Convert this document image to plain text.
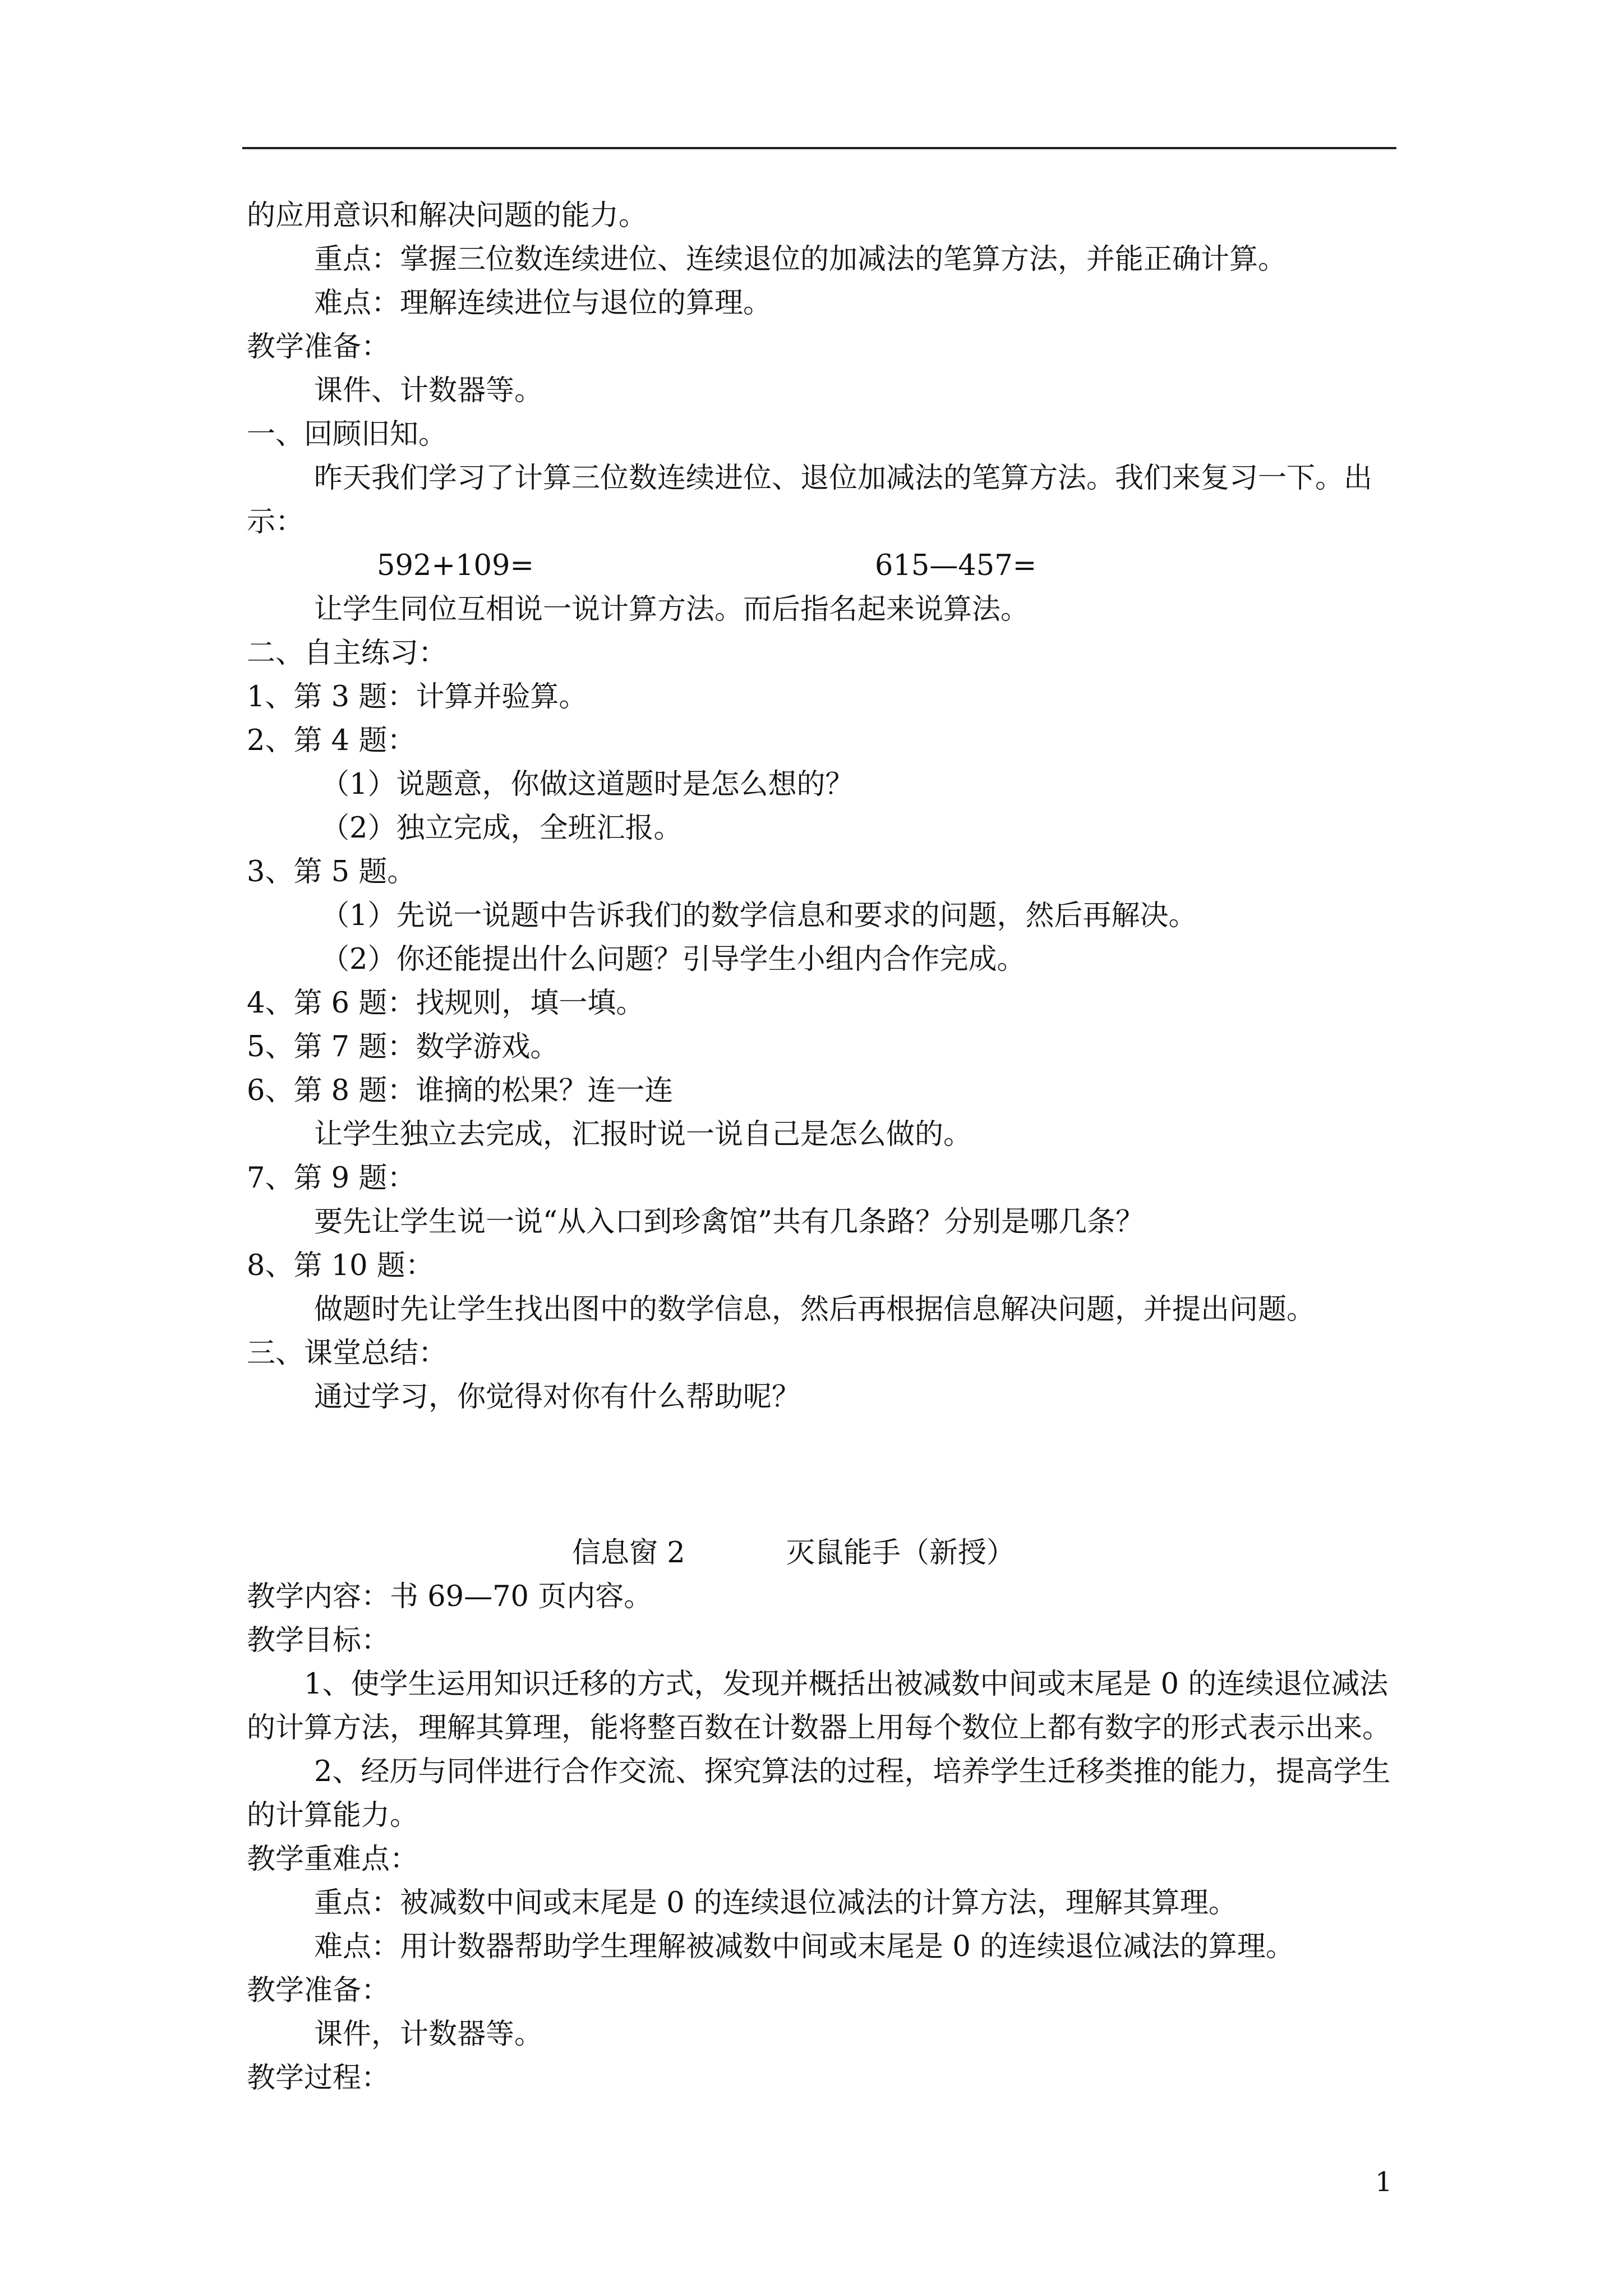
的应用意识和解决问题的能力。
重点：掌握三位数连续进位、连续退位的加减法的笔算方法，并能正确计算。
难点：理解连续进位与退位的算理。
教学准备：
课件、计数器等。
一、回顾旧知。
昨天我们学习了计算三位数连续进位、退位加减法的笔算方法。我们来复习一下。出
示：
592+109=	615—457=
让学生同位互相说一说计算方法。而后指名起来说算法。
二、自主练习：
1、第 3 题：计算并验算。
2、第 4 题：
（1）说题意，你做这道题时是怎么想的？
（2）独立完成，全班汇报。
3、第 5 题。
（1）先说一说题中告诉我们的数学信息和要求的问题，然后再解决。
（2）你还能提出什么问题？引导学生小组内合作完成。
4、第 6 题：找规则，填一填。
5、第 7 题：数学游戏。
6、第 8 题：谁摘的松果？连一连
让学生独立去完成，汇报时说一说自己是怎么做的。
7、第 9 题：
要先让学生说一说“从入口到珍禽馆”共有几条路？分别是哪几条？
8、第 10 题：
做题时先让学生找出图中的数学信息，然后再根据信息解决问题，并提出问题。
三、课堂总结：
通过学习，你觉得对你有什么帮助呢？
信息窗 2	灭鼠能手（新授）
教学内容：书 69—70 页内容。
教学目标：
1、使学生运用知识迁移的方式，发现并概括出被减数中间或末尾是 0 的连续退位减法
的计算方法，理解其算理，能将整百数在计数器上用每个数位上都有数字的形式表示出来。
2、经历与同伴进行合作交流、探究算法的过程，培养学生迁移类推的能力，提高学生
的计算能力。
教学重难点：
重点：被减数中间或末尾是 0 的连续退位减法的计算方法，理解其算理。
难点：用计数器帮助学生理解被减数中间或末尾是 0 的连续退位减法的算理。
教学准备：
课件，计数器等。
教学过程：
1
